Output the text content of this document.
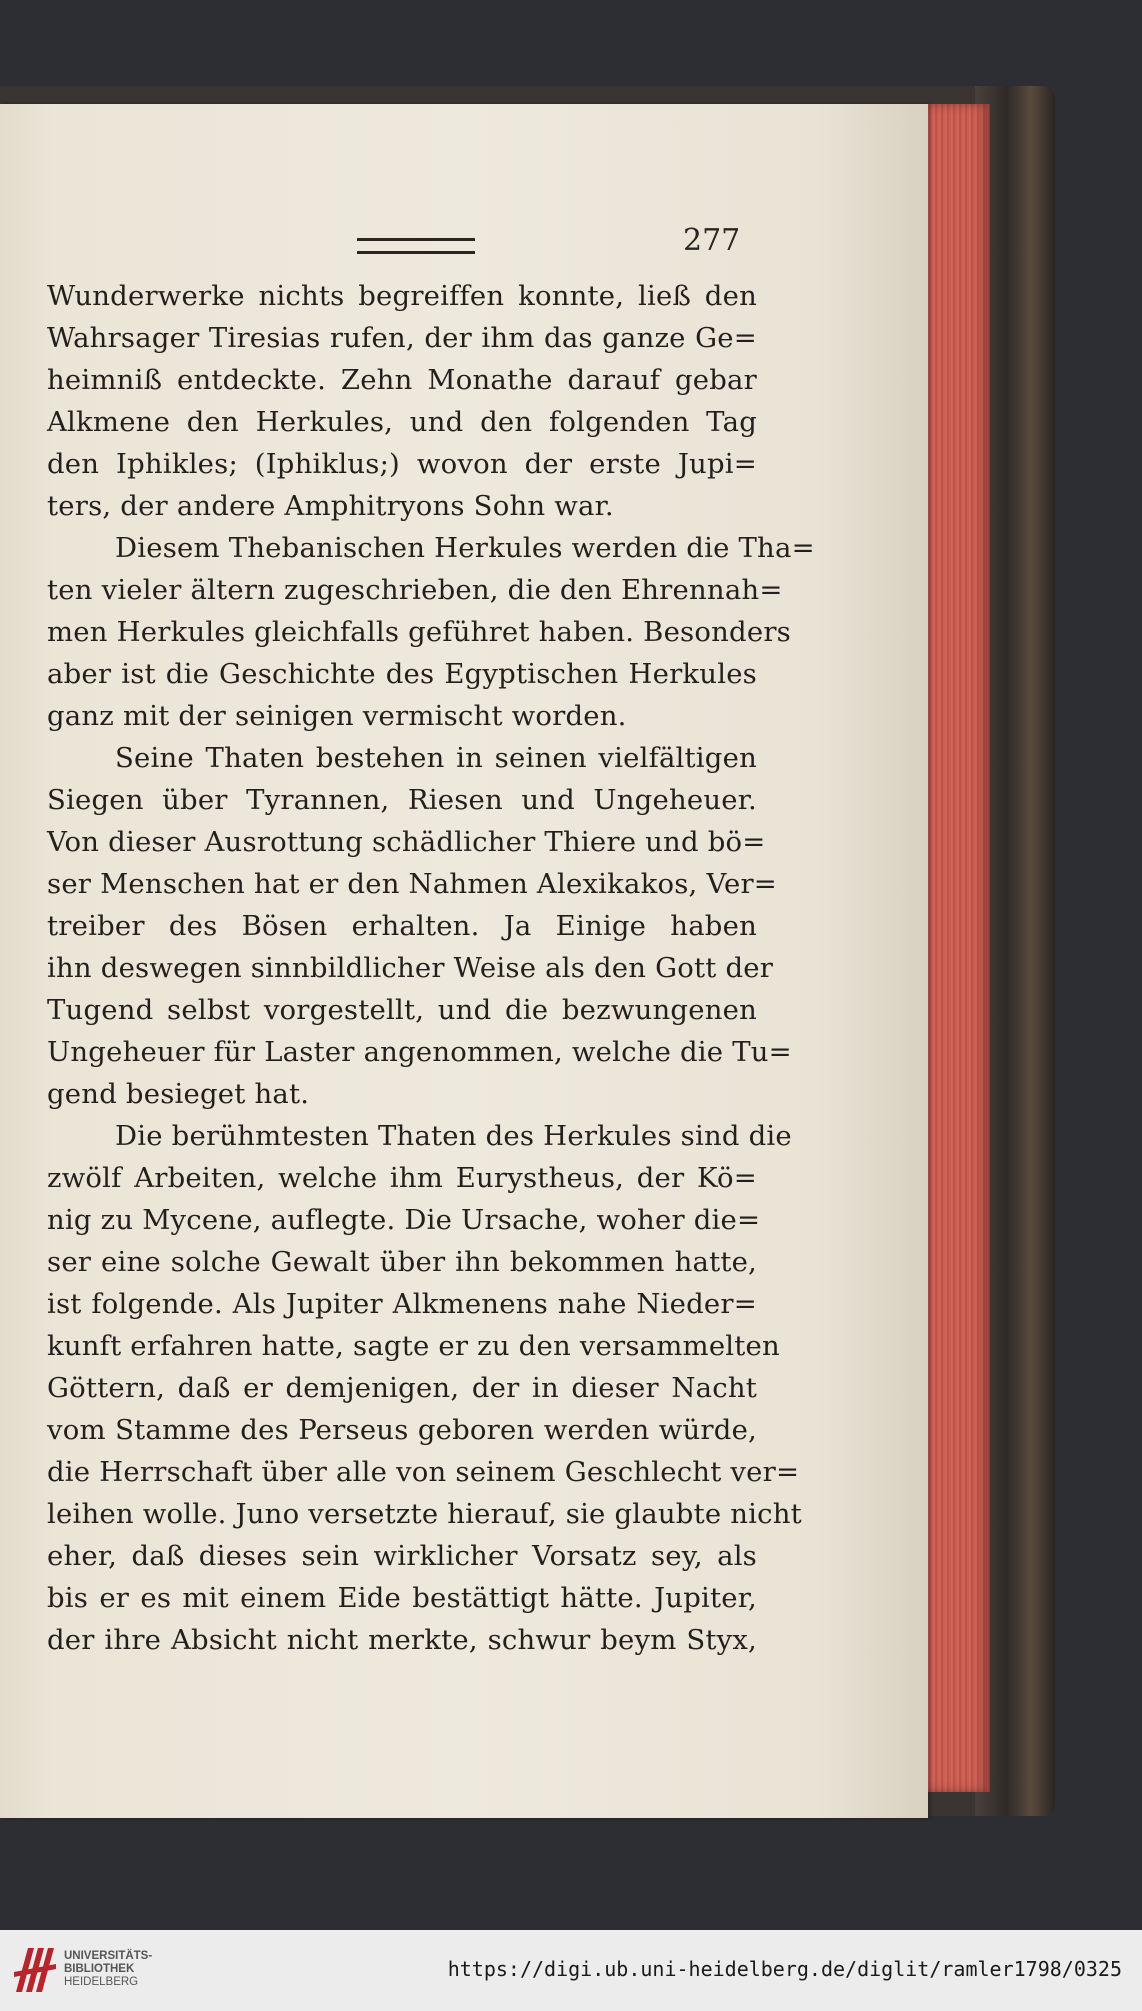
277
Wunderwerke nichts begreiffen konnte, ließ den
Wahrsager Tiresias rufen, der ihm das ganze Ge=
heimniß entdeckte. Zehn Monathe darauf gebar
Alkmene den Herkules, und den folgenden Tag
den Iphikles; (Iphiklus;) wovon der erste Jupi=
ters, der andere Amphitryons Sohn war.
Diesem Thebanischen Herkules werden die Tha=
ten vieler ältern zugeschrieben, die den Ehrennah=
men Herkules gleichfalls geführet haben. Besonders
aber ist die Geschichte des Egyptischen Herkules
ganz mit der seinigen vermischt worden.
Seine Thaten bestehen in seinen vielfältigen
Siegen über Tyrannen, Riesen und Ungeheuer.
Von dieser Ausrottung schädlicher Thiere und bö=
ser Menschen hat er den Nahmen Alexikakos, Ver=
treiber des Bösen erhalten. Ja Einige haben
ihn deswegen sinnbildlicher Weise als den Gott der
Tugend selbst vorgestellt, und die bezwungenen
Ungeheuer für Laster angenommen, welche die Tu=
gend besieget hat.
Die berühmtesten Thaten des Herkules sind die
zwölf Arbeiten, welche ihm Eurystheus, der Kö=
nig zu Mycene, auflegte. Die Ursache, woher die=
ser eine solche Gewalt über ihn bekommen hatte,
ist folgende. Als Jupiter Alkmenens nahe Nieder=
kunft erfahren hatte, sagte er zu den versammelten
Göttern, daß er demjenigen, der in dieser Nacht
vom Stamme des Perseus geboren werden würde,
die Herrschaft über alle von seinem Geschlecht ver=
leihen wolle. Juno versetzte hierauf, sie glaubte nicht
eher, daß dieses sein wirklicher Vorsatz sey, als
bis er es mit einem Eide bestättigt hätte. Jupiter,
der ihre Absicht nicht merkte, schwur beym Styx,
UNIVERSITÄTS-
BIBLIOTHEK
HEIDELBERG
https://digi.ub.uni-heidelberg.de/diglit/ramler1798/0325
